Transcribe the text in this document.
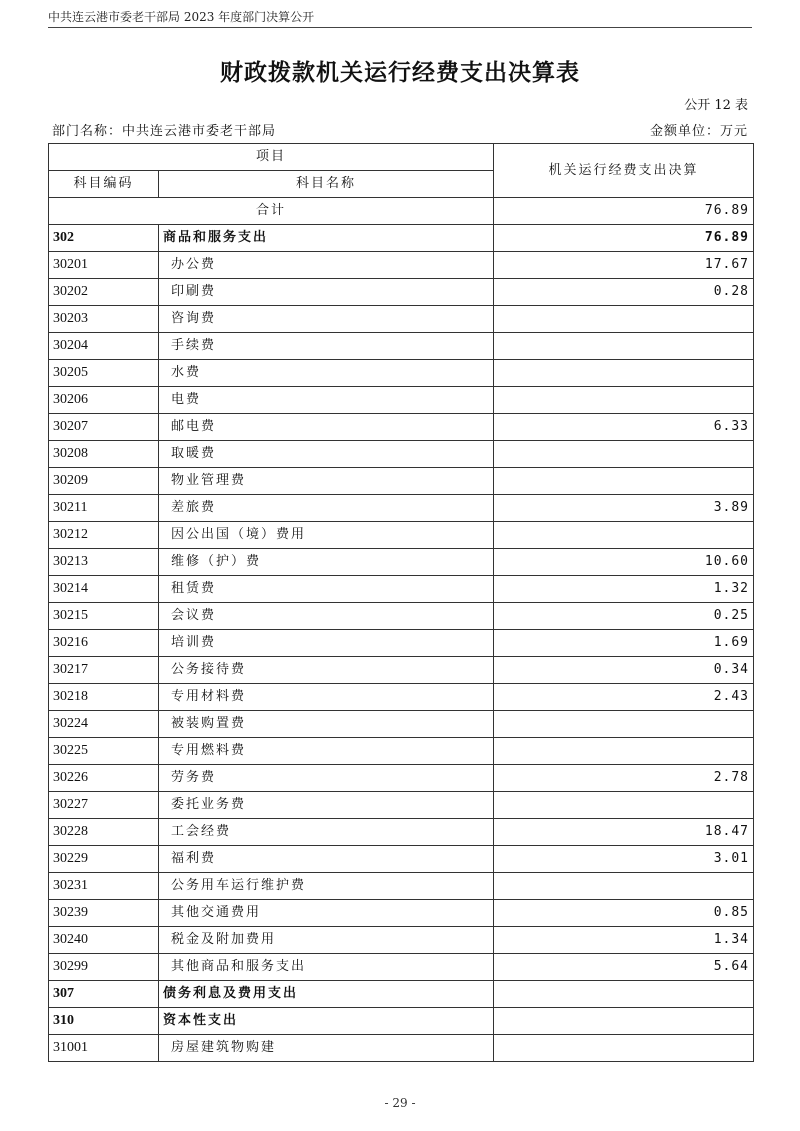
中共连云港市委老干部局 2023 年度部门决算公开
财政拨款机关运行经费支出决算表
公开 12 表
部门名称：中共连云港市委老干部局	金额单位：万元
项目		机关运行经费支出决算
科目编码	科目名称	
合计		76.89
302	商品和服务支出	76.89
30201	办公费	17.67
30202	印刷费	0.28
30203	咨询费	
30204	手续费	
30205	水费	
30206	电费	
30207	邮电费	6.33
30208	取暖费	
30209	物业管理费	
30211	差旅费	3.89
30212	因公出国（境）费用	
30213	维修（护）费	10.60
30214	租赁费	1.32
30215	会议费	0.25
30216	培训费	1.69
30217	公务接待费	0.34
30218	专用材料费	2.43
30224	被装购置费	
30225	专用燃料费	
30226	劳务费	2.78
30227	委托业务费	
30228	工会经费	18.47
30229	福利费	3.01
30231	公务用车运行维护费	
30239	其他交通费用	0.85
30240	税金及附加费用	1.34
30299	其他商品和服务支出	5.64
307	债务利息及费用支出	
310	资本性支出	
31001	房屋建筑物购建	
- 29 -
